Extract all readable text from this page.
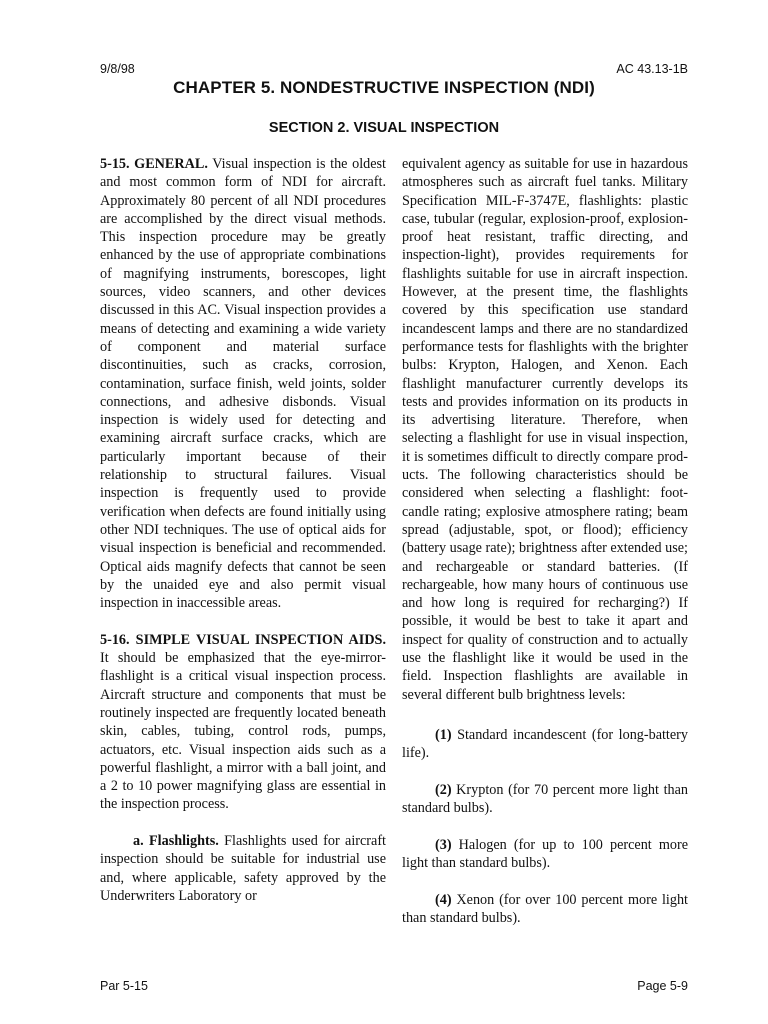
9/8/98	AC 43.13-1B
CHAPTER 5. NONDESTRUCTIVE INSPECTION (NDI)
SECTION 2. VISUAL INSPECTION

5-15. GENERAL. Visual inspection is the oldest and most common form of NDI for aircraft. Approximately 80 percent of all NDI procedures are accomplished by the direct visual methods. This inspection procedure may be greatly enhanced by the use of appropriate combinations of magnifying instruments, borescopes, light sources, video scanners, and other devices discussed in this AC. Visual inspection provides a means of detecting and examining a wide variety of component and material surface discontinuities, such as cracks, corrosion, contamination, surface finish, weld joints, solder connections, and adhesive disbonds. Visual inspection is widely used for detecting and examining aircraft surface cracks, which are particularly important because of their relationship to structural failures. Visual inspection is frequently used to provide verification when defects are found initially using other NDI techniques. The use of optical aids for visual inspection is beneficial and recommended. Optical aids magnify defects that cannot be seen by the unaided eye and also permit visual inspection in inaccessible areas.

5-16. SIMPLE VISUAL INSPECTION AIDS. It should be emphasized that the eye-mirror-flashlight is a critical visual inspection process. Aircraft structure and components that must be routinely inspected are frequently located beneath skin, cables, tubing, control rods, pumps, actuators, etc. Visual inspection aids such as a powerful flashlight, a mirror with a ball joint, and a 2 to 10 power magnifying glass are essential in the inspection process.

a. Flashlights. Flashlights used for aircraft inspection should be suitable for industrial use and, where applicable, safety approved by the Underwriters Laboratory or

equivalent agency as suitable for use in hazardous atmospheres such as aircraft fuel tanks. Military Specification MIL-F-3747E, flashlights: plastic case, tubular (regular, explosion-proof, explosion-proof heat resistant, traffic directing, and inspection-light), provides requirements for flashlights suitable for use in aircraft inspection. However, at the present time, the flashlights covered by this specification use standard incandescent lamps and there are no standardized performance tests for flashlights with the brighter bulbs: Krypton, Halogen, and Xenon. Each flashlight manufacturer currently develops its tests and provides information on its products in its advertising literature. Therefore, when selecting a flashlight for use in visual inspection, it is sometimes difficult to directly compare products. The following characteristics should be considered when selecting a flashlight: foot-candle rating; explosive atmosphere rating; beam spread (adjustable, spot, or flood); efficiency (battery usage rate); brightness after extended use; and rechargeable or standard batteries. (If rechargeable, how many hours of continuous use and how long is required for recharging?) If possible, it would be best to take it apart and inspect for quality of construction and to actually use the flashlight like it would be used in the field. Inspection flashlights are available in several different bulb brightness levels:

(1) Standard incandescent (for long-battery life).

(2) Krypton (for 70 percent more light than standard bulbs).

(3) Halogen (for up to 100 percent more light than standard bulbs).

(4) Xenon (for over 100 percent more light than standard bulbs).

Par 5-15	Page 5-9
